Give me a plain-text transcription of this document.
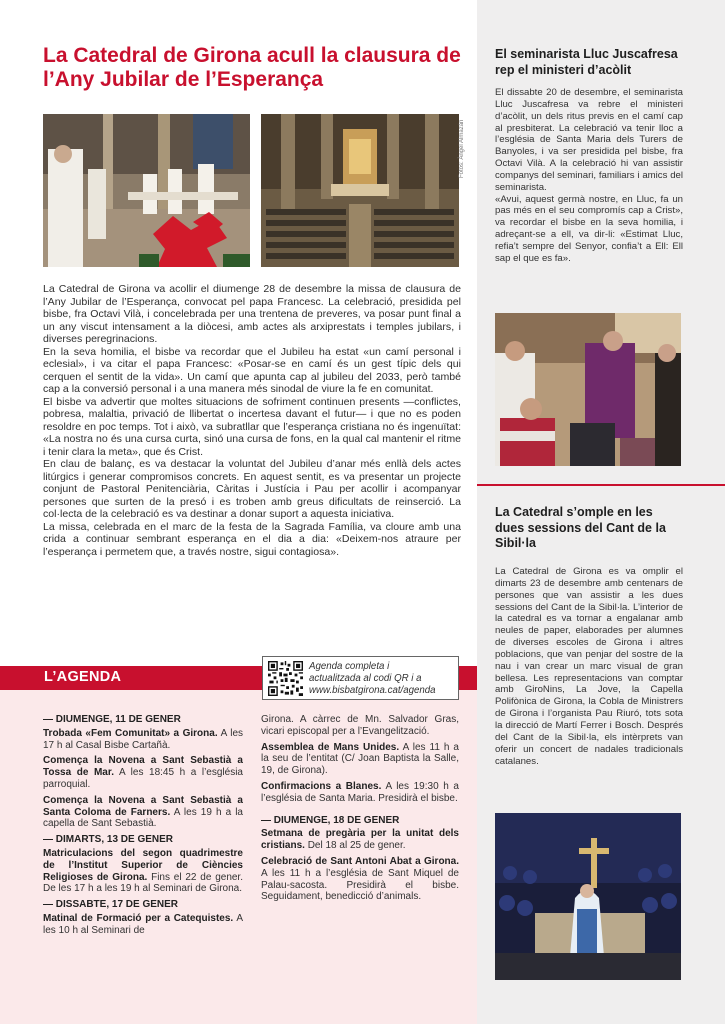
La Catedral de Girona acull la clausura de l’Any Jubilar de l’Esperança
Fotos: Àngel Almazán

La Catedral de Girona va acollir el diumenge 28 de desembre la missa de clausura de l’Any Jubilar de l’Esperança, convocat pel papa Francesc. La celebració, presidida pel bisbe, fra Octavi Vilà, i concelebrada per una trentena de preveres, va posar punt final a un any viscut intensament a la diòcesi, amb actes als arxiprestats i temples jubilars, i diverses peregrinacions.

En la seva homilia, el bisbe va recordar que el Jubileu ha estat «un camí personal i eclesial», i va citar el papa Francesc: «Posar-se en camí és un gest típic dels qui cerquen el sentit de la vida». Un camí que apunta cap al jubileu del 2033, però també cap a la conversió personal i a una manera més sinodal de viure la fe en comunitat.

El bisbe va advertir que moltes situacions de sofriment continuen presents —conflictes, pobresa, malaltia, privació de llibertat o incertesa davant el futur— i que no es poden resoldre en poc temps. Tot i això, va subratllar que l’esperança cristiana no és ingenuïtat: «La nostra no és una cursa curta, sinó una cursa de fons, en la qual cal mantenir el ritme i tenir clara la meta», que és Crist.

En clau de balanç, es va destacar la voluntat del Jubileu d’anar més enllà dels actes litúrgics i generar compromisos concrets. En aquest sentit, es va presentar un projecte conjunt de Pastoral Penitenciària, Càritas i Justícia i Pau per acollir i acompanyar persones que surten de la presó i es troben amb greus dificultats de reinserció. La col·lecta de la celebració es va destinar a donar suport a aquesta iniciativa.

La missa, celebrada en el marc de la festa de la Sagrada Família, va cloure amb una crida a continuar sembrant esperança en el dia a dia: «Deixem-nos atraure per l’esperança i permetem que, a través nostre, sigui contagiosa».

L’AGENDA
Agenda completa i
actualitzada al codi QR i a
www.bisbatgirona.cat/agenda
— DIUMENGE, 11 DE GENER
Trobada «Fem Comunitat» a Girona. A les 17 h al Casal Bisbe Cartañà.
Comença la Novena a Sant Sebastià a Tossa de Mar. A les 18:45 h a l’església parroquial.
Comença la Novena a Sant Sebastià a Santa Coloma de Farners. A les 19 h a la capella de Sant Sebastià.
— DIMARTS, 13 DE GENER
Matriculacions del segon quadrimestre de l’Institut Superior de Ciències Religioses de Girona. Fins el 22 de gener. De les 17 h a les 19 h al Seminari de Girona.
— DISSABTE, 17 DE GENER
Matinal de Formació per a Catequistes. A les 10 h al Seminari de
Girona. A càrrec de Mn. Salvador Gras, vicari episcopal per a l’Evangelització.
Assemblea de Mans Unides. A les 11 h a la seu de l’entitat (C/ Joan Baptista la Salle, 19, de Girona).
Confirmacions a Blanes. A les 19:30 h a l’església de Santa Maria. Presidirà el bisbe.
— DIUMENGE, 18 DE GENER
Setmana de pregària per la unitat dels cristians. Del 18 al 25 de gener.
Celebració de Sant Antoni Abat a Girona. A les 11 h a l’església de Sant Miquel de Palau-sacosta. Presidirà el bisbe. Seguidament, benedicció d’animals.
El seminarista Lluc Juscafresa rep el ministeri d’acòlit

El dissabte 20 de desembre, el seminarista Lluc Juscafresa va rebre el ministeri d’acòlit, un dels ritus previs en el camí cap al presbiterat. La celebració va tenir lloc a l’església de Santa Maria dels Turers de Banyoles, i va ser presidida pel bisbe, fra Octavi Vilà. A la celebració hi van assistir companys del seminari, familiars i amics del seminarista.

«Avui, aquest germà nostre, en Lluc, fa un pas més en el seu compromís cap a Crist», va recordar el bisbe en la seva homilia, i adreçant-se a ell, va dir-li: «Estimat Lluc, refia’t sempre del Senyor, confia’t a Ell: Ell sap el que es fa».

La Catedral s’omple en les dues sessions del Cant de la Sibil·la

La Catedral de Girona es va omplir el dimarts 23 de desembre amb centenars de persones que van assistir a les dues sessions del Cant de la Sibil·la. L’interior de la catedral es va tornar a engalanar amb neules de paper, elaborades per alumnes de diverses escoles de Girona i altres poblacions, que van penjar del sostre de la nau i van crear un marc visual de gran bellesa. Les representacions van comptar amb GiroNins, La Jove, la Capella Polifònica de Girona, la Cobla de Ministrers de Girona i l’organista Pau Riuró, tots sota la direcció de Martí Ferrer i Bosch. Després del Cant de la Sibil·la, els intèrprets van oferir un concert de nadales tradicionals catalanes.
